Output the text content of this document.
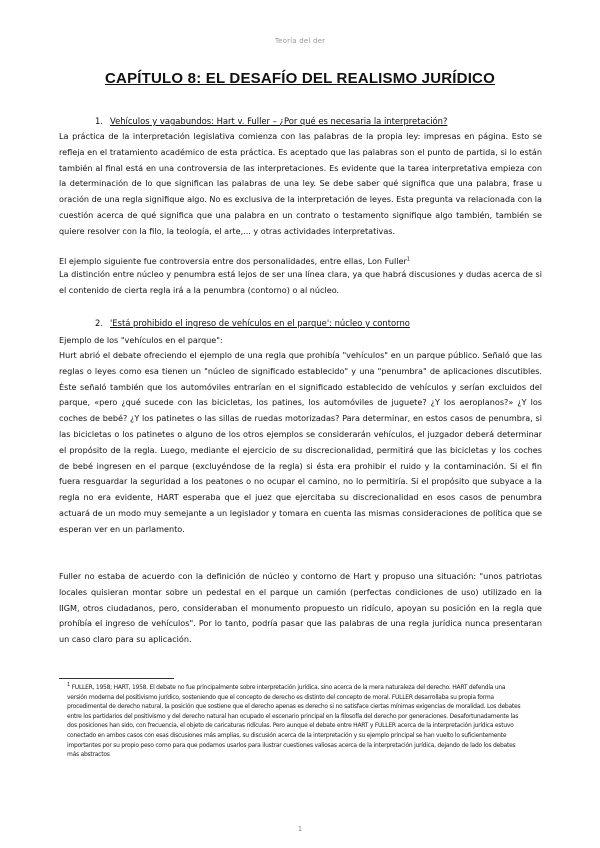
Teoría del der
CAPÍTULO 8: EL DESAFÍO DEL REALISMO JURÍDICO
1. Vehículos y vagabundos: Hart v. Fuller – ¿Por qué es necesaria la interpretación?

La práctica de la interpretación legislativa comienza con las palabras de la propia ley: impresas en página. Esto se refleja en el tratamiento académico de esta práctica. Es aceptado que las palabras son el punto de partida, si lo están también al final está en una controversia de las interpretaciones. Es evidente que la tarea interpretativa empieza con la determinación de lo que significan las palabras de una ley. Se debe saber qué significa que una palabra, frase u oración de una regla signifique algo. No es exclusiva de la interpretación de leyes. Esta pregunta va relacionada con la cuestión acerca de qué significa que una palabra en un contrato o testamento signifique algo también, también se quiere resolver con la filo, la teología, el arte,... y otras actividades interpretativas.

El ejemplo siguiente fue controversia entre dos personalidades, entre ellas, Lon Fuller$^1$

La distinción entre núcleo y penumbra está lejos de ser una línea clara, ya que habrá discusiones y dudas acerca de si el contenido de cierta regla irá a la penumbra (contorno) o al núcleo.

2. 'Está prohibido el ingreso de vehículos en el parque': núcleo y contorno

Ejemplo de los "vehículos en el parque":

Hurt abrió el debate ofreciendo el ejemplo de una regla que prohibía "vehículos" en un parque público. Señaló que las reglas o leyes como esa tienen un "núcleo de significado establecido" y una "penumbra" de aplicaciones discutibles. Éste señaló también que los automóviles entrarían en el significado establecido de vehículos y serían excluidos del parque, «pero ¿qué sucede con las bicicletas, los patines, los automóviles de juguete? ¿Y los aeroplanos?» ¿Y los coches de bebé? ¿Y los patinetes o las sillas de ruedas motorizadas? Para determinar, en estos casos de penumbra, si las bicicletas o los patinetes o alguno de los otros ejemplos se considerarán vehículos, el juzgador deberá determinar el propósito de la regla. Luego, mediante el ejercicio de su discrecionalidad, permitirá que las bicicletas y los coches de bebé ingresen en el parque (excluyéndose de la regla) si ésta era prohibir el ruido y la contaminación. Si el fin fuera resguardar la seguridad a los peatones o no ocupar el camino, no lo permitiría. Si el propósito que subyace a la regla no era evidente, HART esperaba que el juez que ejercitaba su discrecionalidad en esos casos de penumbra actuará de un modo muy semejante a un legislador y tomara en cuenta las mismas consideraciones de política que se esperan ver en un parlamento.

Fuller no estaba de acuerdo con la definición de núcleo y contorno de Hart y propuso una situación: "unos patriotas locales quisieran montar sobre un pedestal en el parque un camión (perfectas condiciones de uso) utilizado en la IIGM, otros ciudadanos, pero, consideraban el monumento propuesto un ridículo, apoyan su posición en la regla que prohíbía el ingreso de vehículos". Por lo tanto, podría pasar que las palabras de una regla jurídica nunca presentaran un caso claro para su aplicación.

$^1$ FULLER, 1958; HART, 1958. El debate no fue principalmente sobre interpretación jurídica, sino acerca de la mera naturaleza del derecho. HART defendía una versión moderna del positivismo jurídico, sosteniendo que el concepto de derecho es distinto del concepto de moral. FULLER desarrollaba su propia forma procedimental de derecho natural, la posición que sostiene que el derecho apenas es derecho si no satisface ciertas mínimas exigencias de moralidad. Los debates entre los partidarios del positivismo y del derecho natural han ocupado el escenario principal en la filosofía del derecho por generaciones. Desafortunadamente las dos posiciones han sido, con frecuencia, el objeto de caricaturas ridículas. Pero aunque el debate entre HART y FULLER acerca de la interpretación jurídica estuvo conectado en ambos casos con esas discusiones más amplias, su discusión acerca de la interpretación y su ejemplo principal se han vuelto lo suficientemente importantes por su propio peso como para que podamos usarlos para ilustrar cuestiones valiosas acerca de la interpretación jurídica, dejando de lado los debates más abstractos

1
